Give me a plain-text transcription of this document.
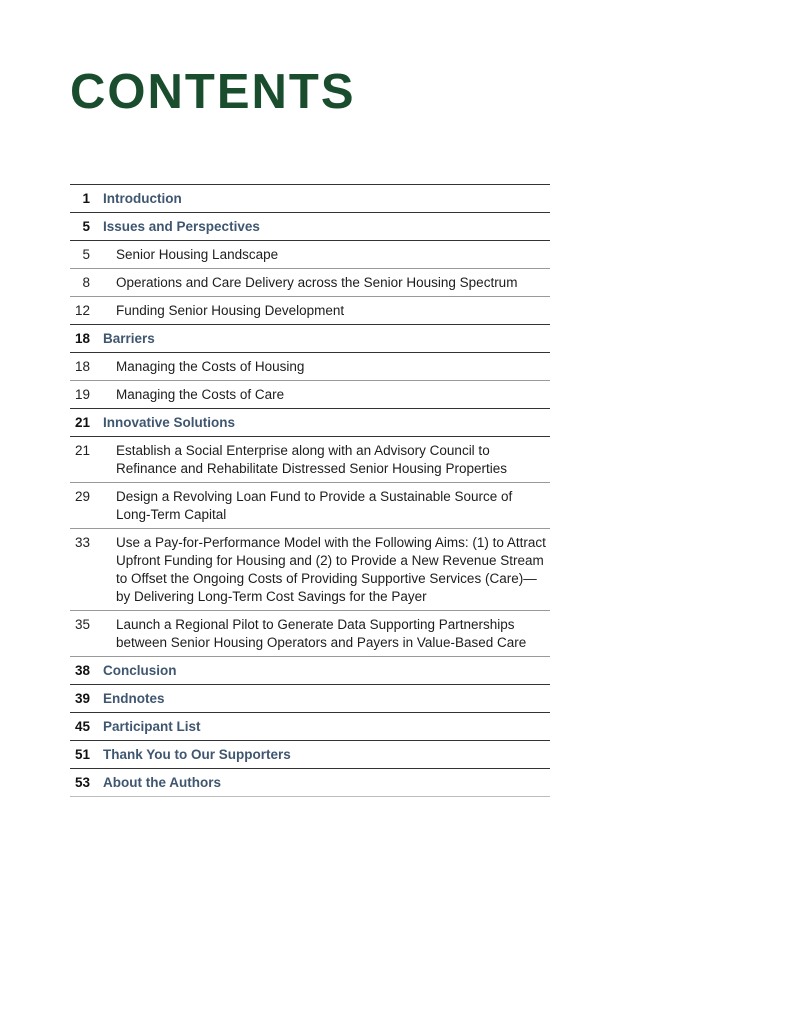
CONTENTS
1 Introduction
5 Issues and Perspectives
5	Senior Housing Landscape
8	Operations and Care Delivery across the Senior Housing Spectrum
12	Funding Senior Housing Development
18 Barriers
18	Managing the Costs of Housing
19	Managing the Costs of Care
21 Innovative Solutions
21	Establish a Social Enterprise along with an Advisory Council to Refinance and Rehabilitate Distressed Senior Housing Properties
29	Design a Revolving Loan Fund to Provide a Sustainable Source of Long-Term Capital
33	Use a Pay-for-Performance Model with the Following Aims: (1) to Attract Upfront Funding for Housing and (2) to Provide a New Revenue Stream to Offset the Ongoing Costs of Providing Supportive Services (Care)—by Delivering Long-Term Cost Savings for the Payer
35	Launch a Regional Pilot to Generate Data Supporting Partnerships between Senior Housing Operators and Payers in Value-Based Care
38 Conclusion
39 Endnotes
45 Participant List
51 Thank You to Our Supporters
53 About the Authors
